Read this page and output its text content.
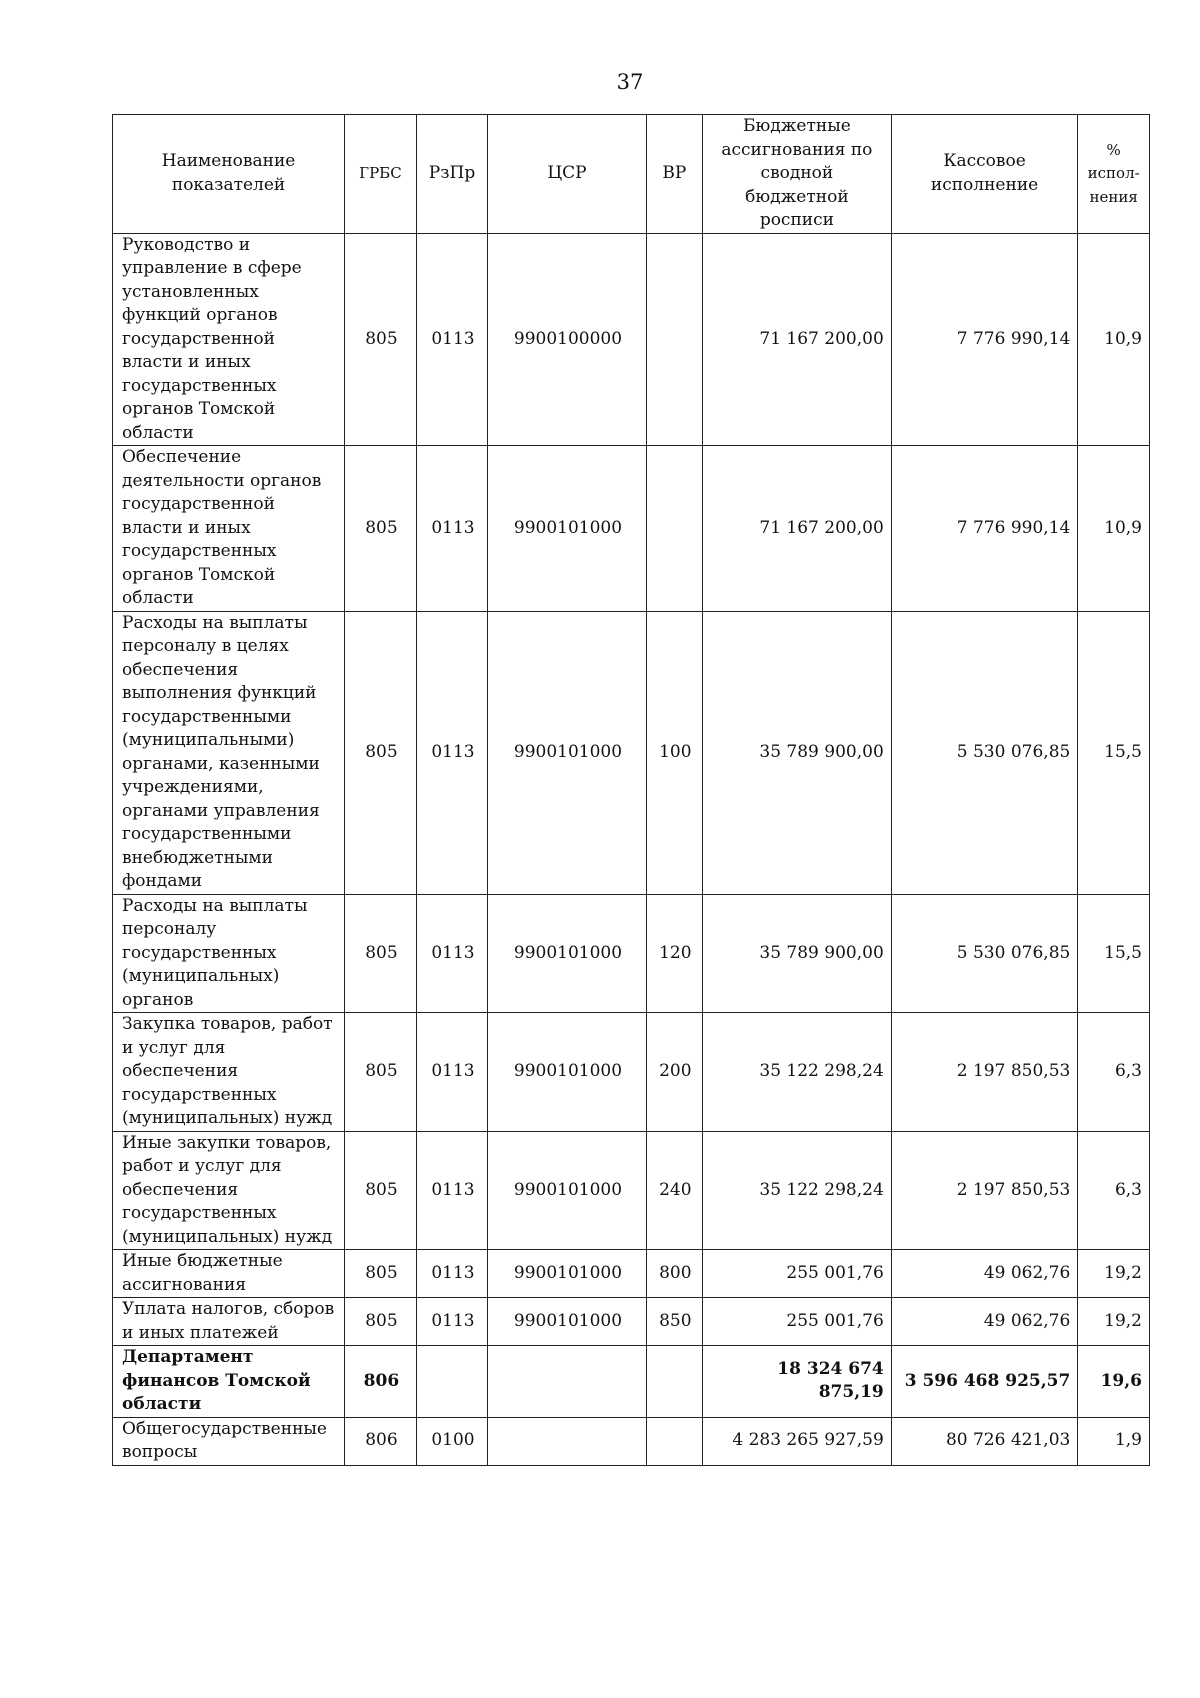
37
Наименование показателей	ГРБС	РзПр	ЦСР	ВР	Бюджетные ассигнования по сводной бюджетной росписи	Кассовое исполнение	% испол-нения
Руководство и управление в сфере установленных функций органов государственной власти и иных государственных органов Томской области	805	0113	9900100000		71 167 200,00	7 776 990,14	10,9
Обеспечение деятельности органов государственной власти и иных государственных органов Томской области	805	0113	9900101000		71 167 200,00	7 776 990,14	10,9
Расходы на выплаты персоналу в целях обеспечения выполнения функций государственными (муниципальными) органами, казенными учреждениями, органами управления государственными внебюджетными фондами	805	0113	9900101000	100	35 789 900,00	5 530 076,85	15,5
Расходы на выплаты персоналу государственных (муниципальных) органов	805	0113	9900101000	120	35 789 900,00	5 530 076,85	15,5
Закупка товаров, работ и услуг для обеспечения государственных (муниципальных) нужд	805	0113	9900101000	200	35 122 298,24	2 197 850,53	6,3
Иные закупки товаров, работ и услуг для обеспечения государственных (муниципальных) нужд	805	0113	9900101000	240	35 122 298,24	2 197 850,53	6,3
Иные бюджетные ассигнования	805	0113	9900101000	800	255 001,76	49 062,76	19,2
Уплата налогов, сборов и иных платежей	805	0113	9900101000	850	255 001,76	49 062,76	19,2
Департамент финансов Томской области	806				18 324 674 875,19	3 596 468 925,57	19,6
Общегосударственные вопросы	806	0100			4 283 265 927,59	80 726 421,03	1,9
